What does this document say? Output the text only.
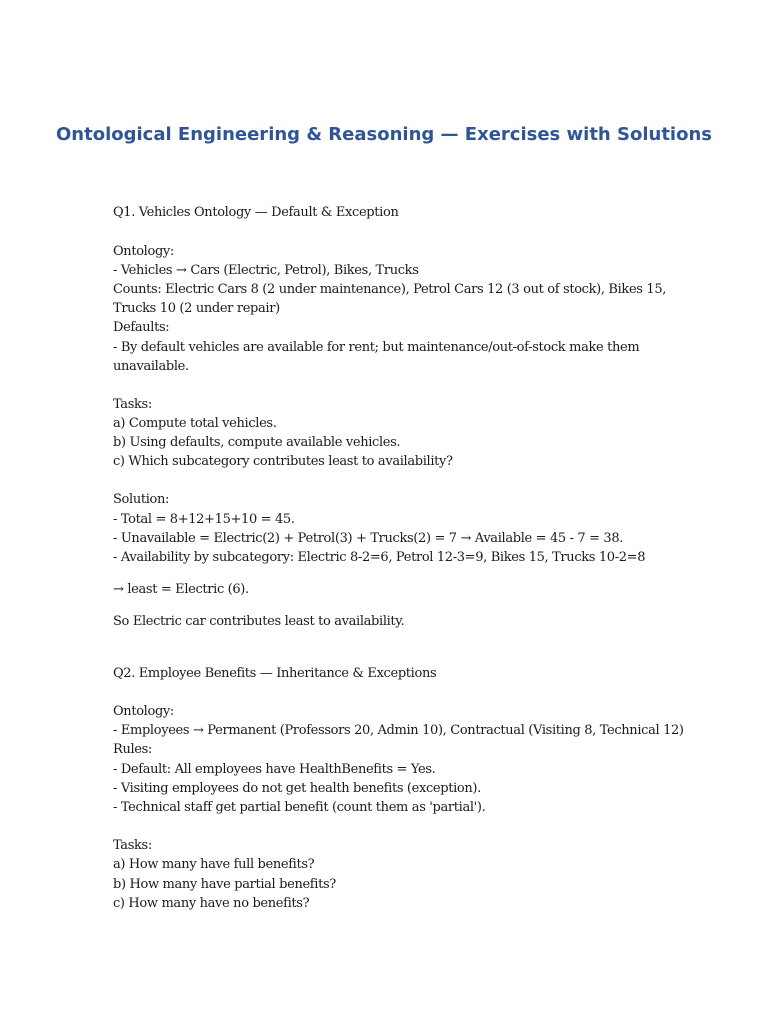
Ontological Engineering & Reasoning — Exercises with Solutions

Q1. Vehicles Ontology — Default & Exception

Ontology:

- Vehicles → Cars (Electric, Petrol), Bikes, Trucks

Counts: Electric Cars 8 (2 under maintenance), Petrol Cars 12 (3 out of stock), Bikes 15,

Trucks 10 (2 under repair)

Defaults:

- By default vehicles are available for rent; but maintenance/out-of-stock make them

unavailable.

Tasks:

a) Compute total vehicles.

b) Using defaults, compute available vehicles.

c) Which subcategory contributes least to availability?

Solution:

- Total = 8+12+15+10 = 45.

- Unavailable = Electric(2) + Petrol(3) + Trucks(2) = 7 → Available = 45 - 7 = 38.

- Availability by subcategory: Electric 8-2=6, Petrol 12-3=9, Bikes 15, Trucks 10-2=8

→ least = Electric (6).

So Electric car contributes least to availability.

Q2. Employee Benefits — Inheritance & Exceptions

Ontology:

- Employees → Permanent (Professors 20, Admin 10), Contractual (Visiting 8, Technical 12)

Rules:

- Default: All employees have HealthBenefits = Yes.

- Visiting employees do not get health benefits (exception).

- Technical staff get partial benefit (count them as 'partial').

Tasks:

a) How many have full benefits?

b) How many have partial benefits?

c) How many have no benefits?
